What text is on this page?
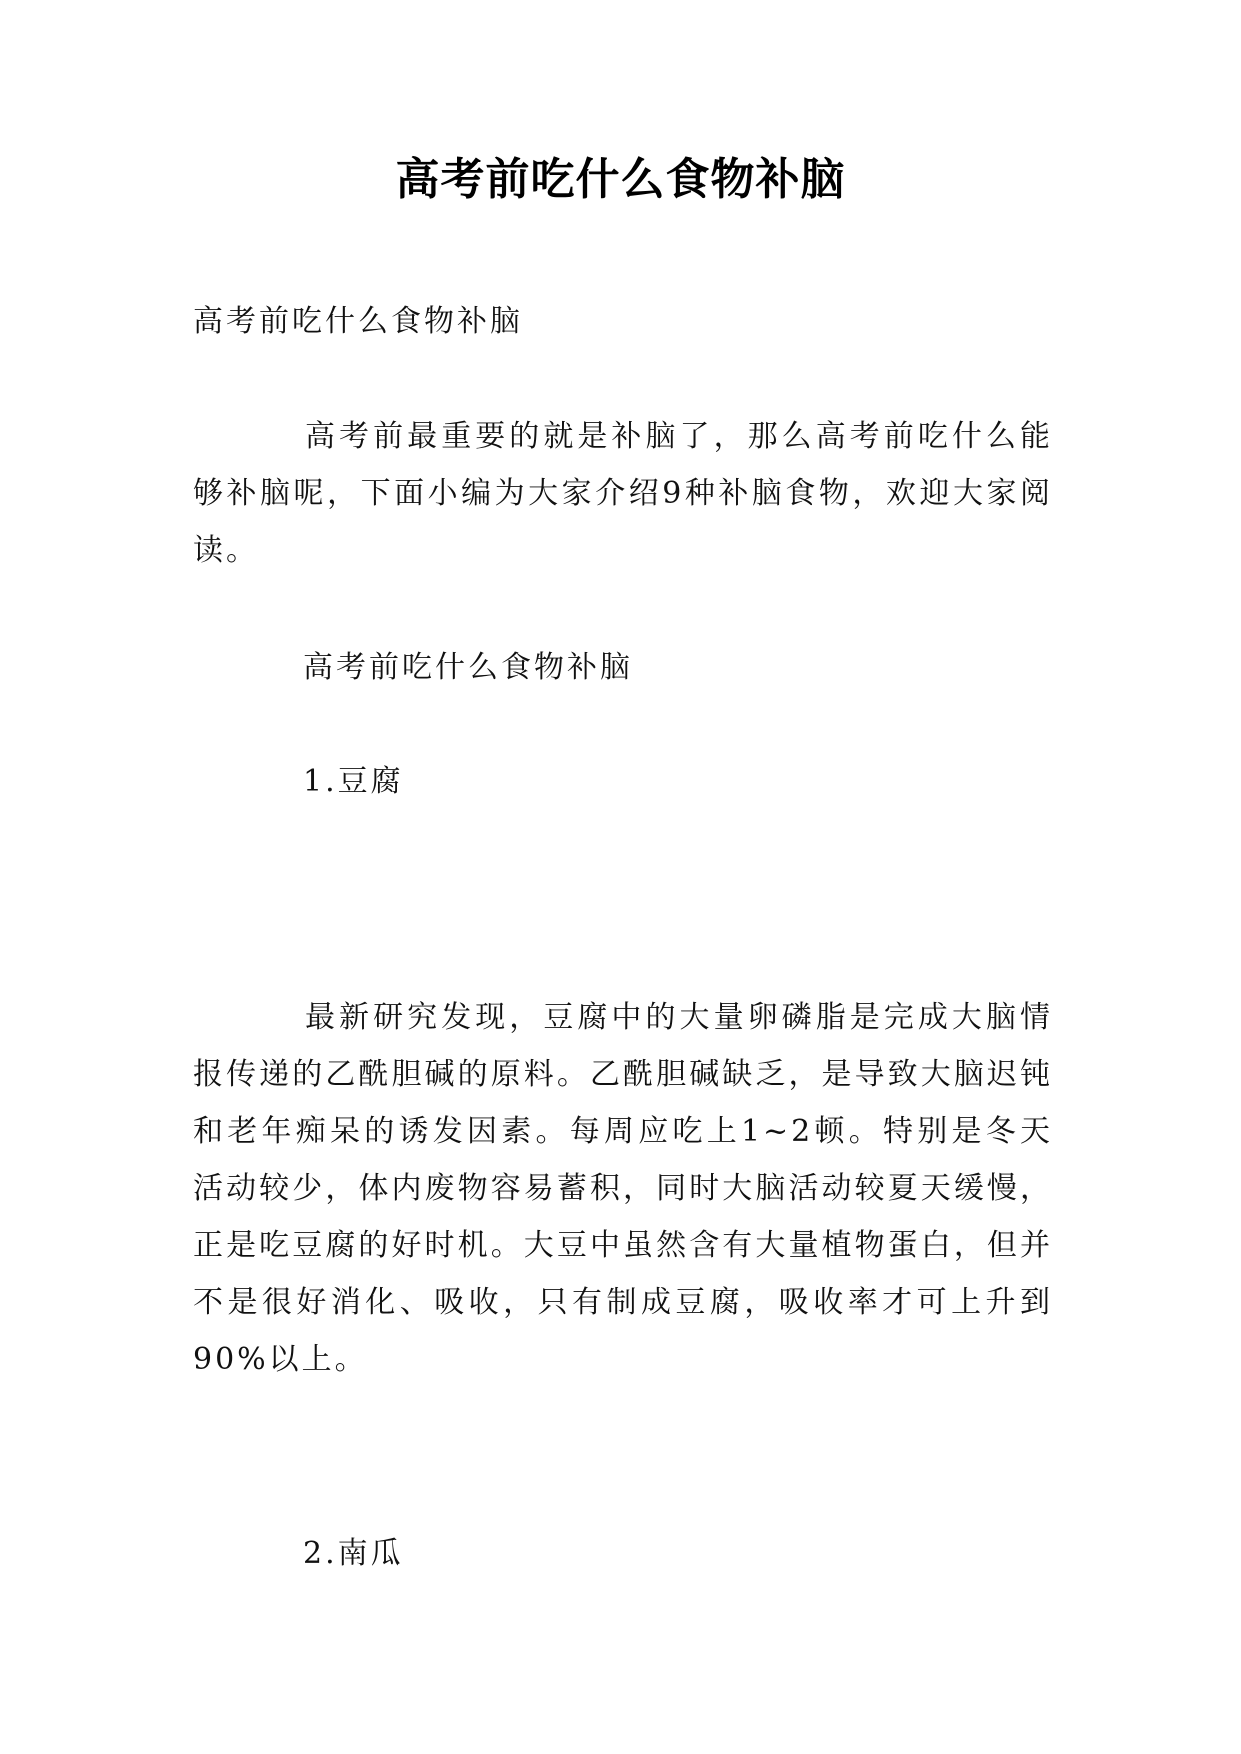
高考前吃什么食物补脑

高考前吃什么食物补脑

高考前最重要的就是补脑了，那么高考前吃什么能够补脑呢，下面小编为大家介绍9种补脑食物，欢迎大家阅读。

高考前吃什么食物补脑

1.豆腐

最新研究发现，豆腐中的大量卵磷脂是完成大脑情报传递的乙酰胆碱的原料。乙酰胆碱缺乏，是导致大脑迟钝和老年痴呆的诱发因素。每周应吃上1~2顿。特别是冬天活动较少，体内废物容易蓄积，同时大脑活动较夏天缓慢，正是吃豆腐的好时机。大豆中虽然含有大量植物蛋白，但并不是很好消化、吸收，只有制成豆腐，吸收率才可上升到90%以上。

2.南瓜
